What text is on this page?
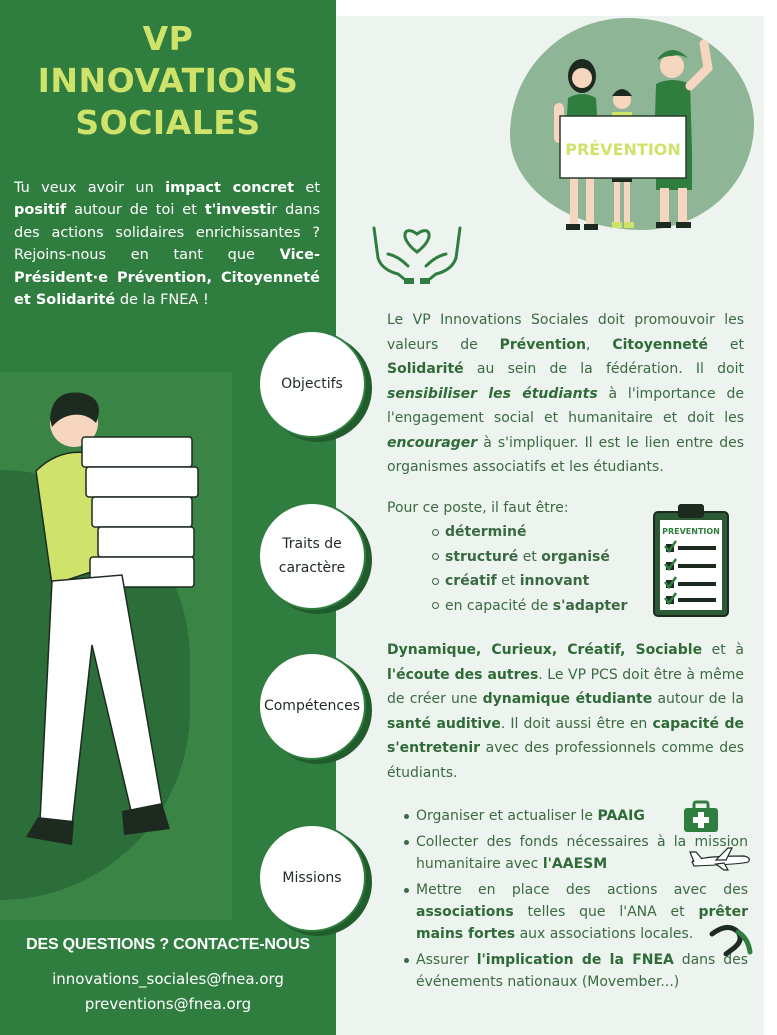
VP
INNOVATIONS
SOCIALES

Tu veux avoir un impact concret et positif autour de toi et t'investir dans des actions solidaires enrichissantes ? Rejoins-nous en tant que Vice-Président·e Prévention, Citoyenneté et Solidarité de la FNEA !

PRÉVENTION
Objectifs

Le VP Innovations Sociales doit promouvoir les valeurs de Prévention, Citoyenneté et Solidarité au sein de la fédération. Il doit sensibiliser les étudiants à l'importance de l'engagement social et humanitaire et doit les encourager à s'impliquer. Il est le lien entre des organismes associatifs et les étudiants.

Traits de
caractère

Pour ce poste, il faut être:

déterminé
structuré et organisé
créatif et innovant
en capacité de s'adapter
PREVENTION
Compétences

Dynamique, Curieux, Créatif, Sociable et à l'écoute des autres. Le VP PCS doit être à même de créer une dynamique étudiante autour de la santé auditive. Il doit aussi être en capacité de s'entretenir avec des professionnels comme des étudiants.

Missions
Organiser et actualiser le PAAIG
Collecter des fonds nécessaires à la mission humanitaire avec l'AAESM
Mettre en place des actions avec des associations telles que l'ANA et prêter mains fortes aux associations locales.
Assurer l'implication de la FNEA dans des événements nationaux (Movember...)
DES QUESTIONS ? CONTACTE-NOUS
innovations_sociales@fnea.org
preventions@fnea.org
